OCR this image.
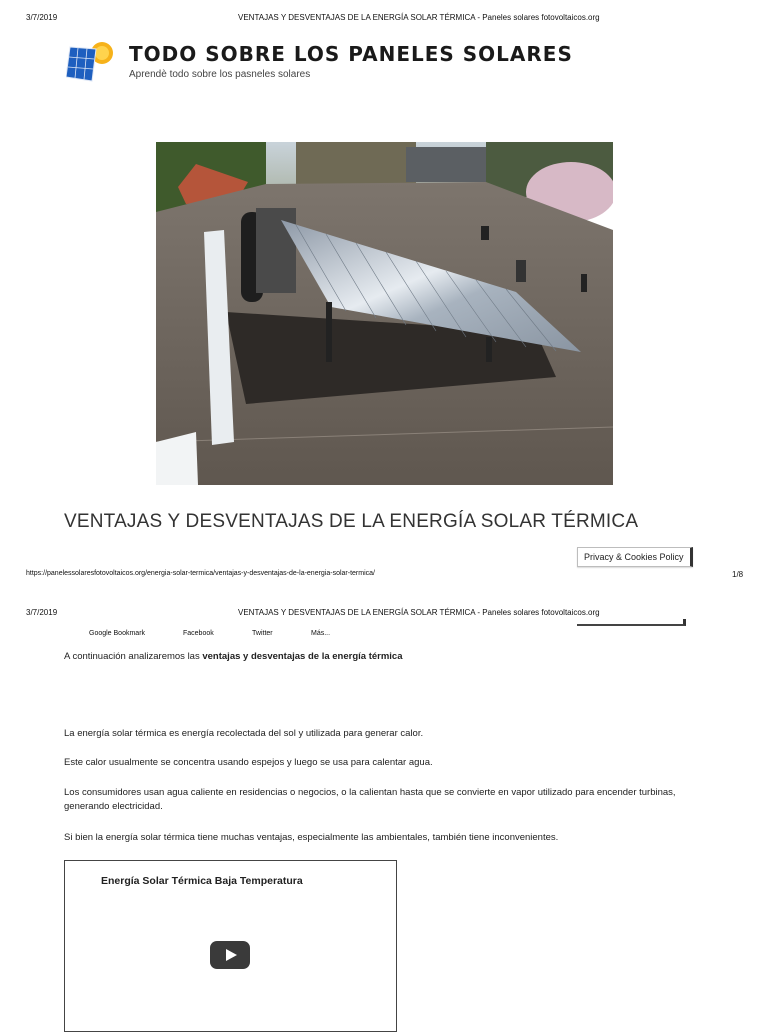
3/7/2019	VENTAJAS Y DESVENTAJAS DE LA ENERGÍA SOLAR TÉRMICA - Paneles solares fotovoltaicos.org
TODO SOBRE LOS PANELES SOLARES
Aprendè todo sobre los pasneles solares
VENTAJAS Y DESVENTAJAS DE LA ENERGÍA SOLAR TÉRMICA
Privacy & Cookies Policy
https://panelessolaresfotovoltaicos.org/energia-solar-termica/ventajas-y-desventajas-de-la-energia-solar-termica/	1/8
3/7/2019	VENTAJAS Y DESVENTAJAS DE LA ENERGÍA SOLAR TÉRMICA - Paneles solares fotovoltaicos.org
Google Bookmark	Facebook	Twitter	Más...
A continuación analizaremos las ventajas y desventajas de la energía térmica
La energía solar térmica es energía recolectada del sol y utilizada para generar calor.
Este calor usualmente se concentra usando espejos y luego se usa para calentar agua.
Los consumidores usan agua caliente en residencias o negocios, o la calientan hasta que se convierte en vapor utilizado para encender turbinas, generando electricidad.
Si bien la energía solar térmica tiene muchas ventajas, especialmente las ambientales, también tiene inconvenientes.
Energía Solar Térmica Baja Temperatura
